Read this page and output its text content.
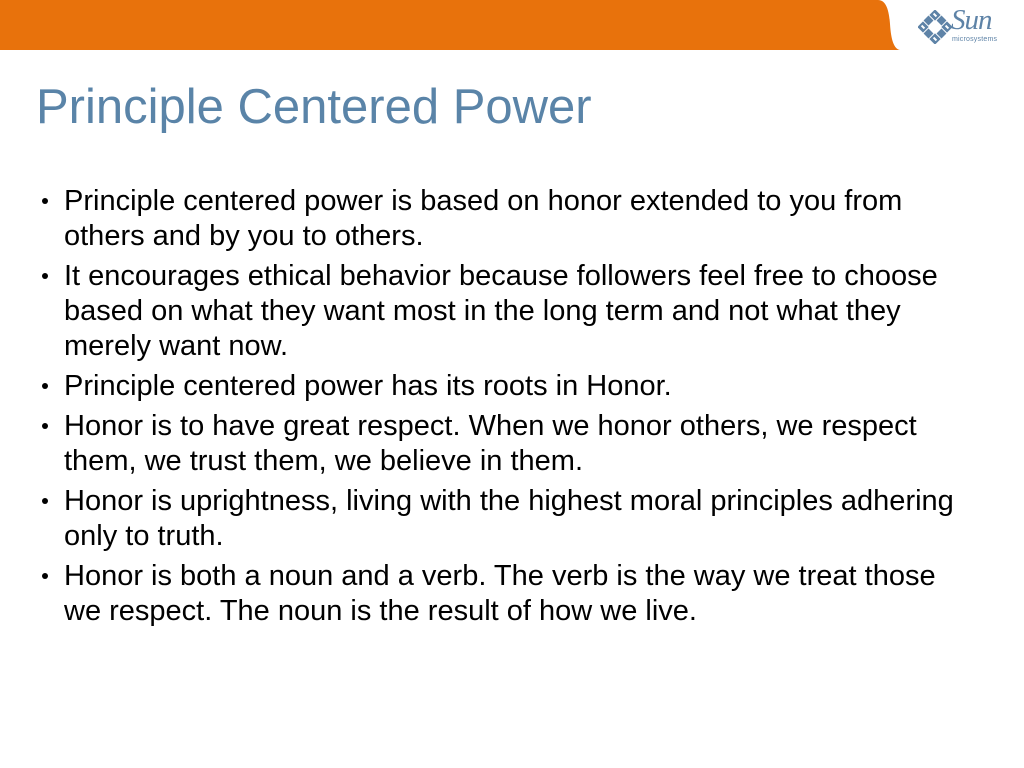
Sun
microsystems
Principle Centered Power
Principle centered power is based on honor extended to you from others and by you to others.
It encourages ethical behavior because followers feel free to choose based on what they want most in the long term and not what they merely want now.
Principle centered power has its roots in Honor.
Honor is to have great respect. When we honor others, we respect them, we trust them, we believe in them.
Honor is uprightness, living with the highest moral principles adhering only to truth.
Honor is both a noun and a verb. The verb is the way we treat those we respect. The noun is the result of how we live.
